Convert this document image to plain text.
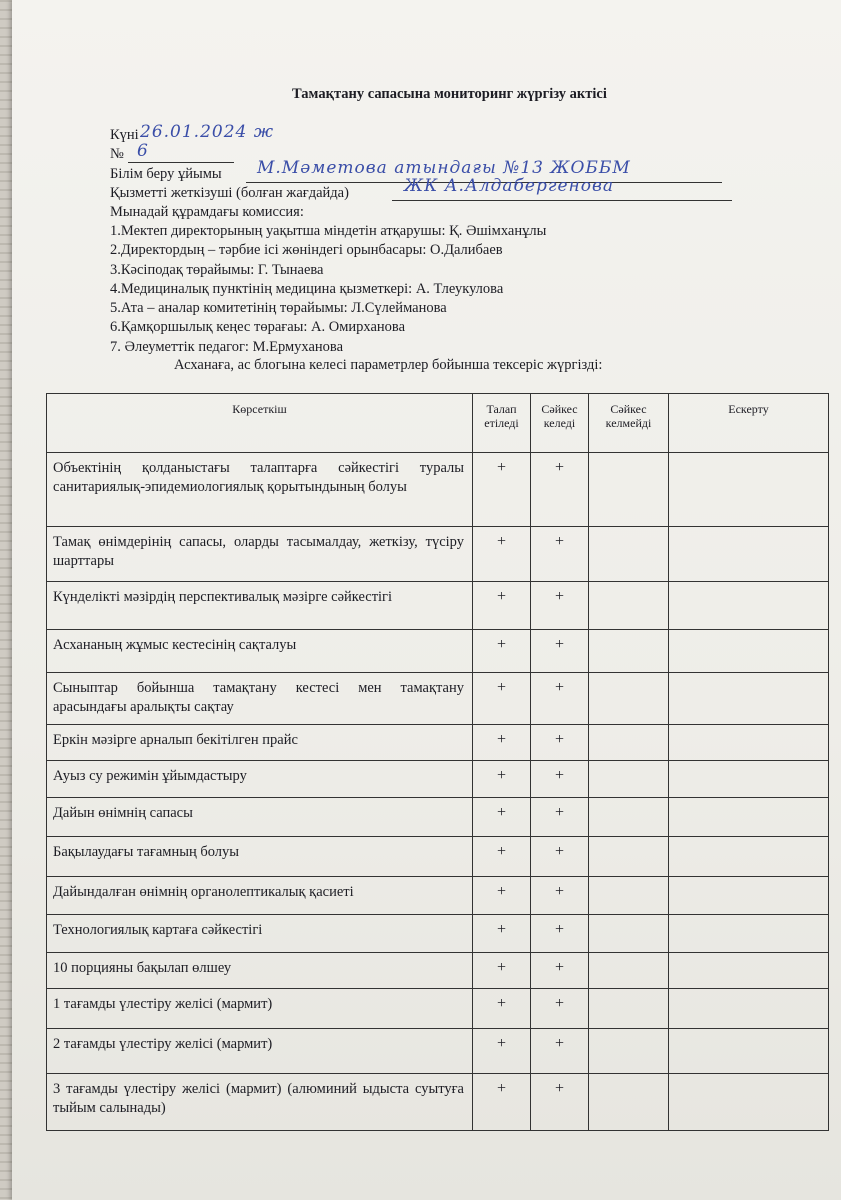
Тамақтану сапасына мониторинг жүргізу актісі
Күні 26.01.2024 ж
№ 6
Білім беру ұйымы М.Мәметова атындағы №13 ЖОББМ
Қызметті жеткізуші (болған жағдайда)	ЖК А.Алдабергенова
Мынадай құрамдағы комиссия:
1.Мектеп директорының уақытша міндетін атқарушы: Қ. Әшімханұлы
2.Директордың – тәрбие ісі жөніндегі орынбасары: О.Далибаев
3.Кәсіподақ төрайымы: Г. Тынаева
4.Медициналық пунктінің медицина қызметкері: А. Тлеукулова
5.Ата – аналар комитетінің төрайымы: Л.Сүлейманова
6.Қамқоршылық кеңес төрағаы: А. Омирханова
7. Әлеуметтік педагог: М.Ермуханова
Асханаға, ас блогына келесі параметрлер бойынша тексеріс жүргізді:
Көрсеткіш	Талап етіледі	Сәйкес келеді	Сәйкес келмейді	Ескерту
Объектінің қолданыстағы талаптарға сәйкестігі туралы санитариялық-эпидемиологиялық қорытындының болуы	+	+		
Тамақ өнімдерінің сапасы, оларды тасымалдау, жеткізу, түсіру шарттары	+	+		
Күнделікті мәзірдің перспективалық мәзірге сәйкестігі	+	+		
Асхананың жұмыс кестесінің сақталуы	+	+		
Сыныптар бойынша тамақтану кестесі мен тамақтану арасындағы аралықты сақтау	+	+		
Еркін мәзірге арналып бекітілген прайс	+	+		
Ауыз су режимін ұйымдастыру	+	+		
Дайын өнімнің сапасы	+	+		
Бақылаудағы тағамның болуы	+	+		
Дайындалған өнімнің органолептикалық қасиеті	+	+		
Технологиялық картаға сәйкестігі	+	+		
10 порцияны бақылап өлшеу	+	+		
1 тағамды үлестіру желісі (мармит)	+	+		
2 тағамды үлестіру желісі (мармит)	+	+		
3 тағамды үлестіру желісі (мармит) (алюминий ыдыста суытуға тыйым салынады)	+	+		
